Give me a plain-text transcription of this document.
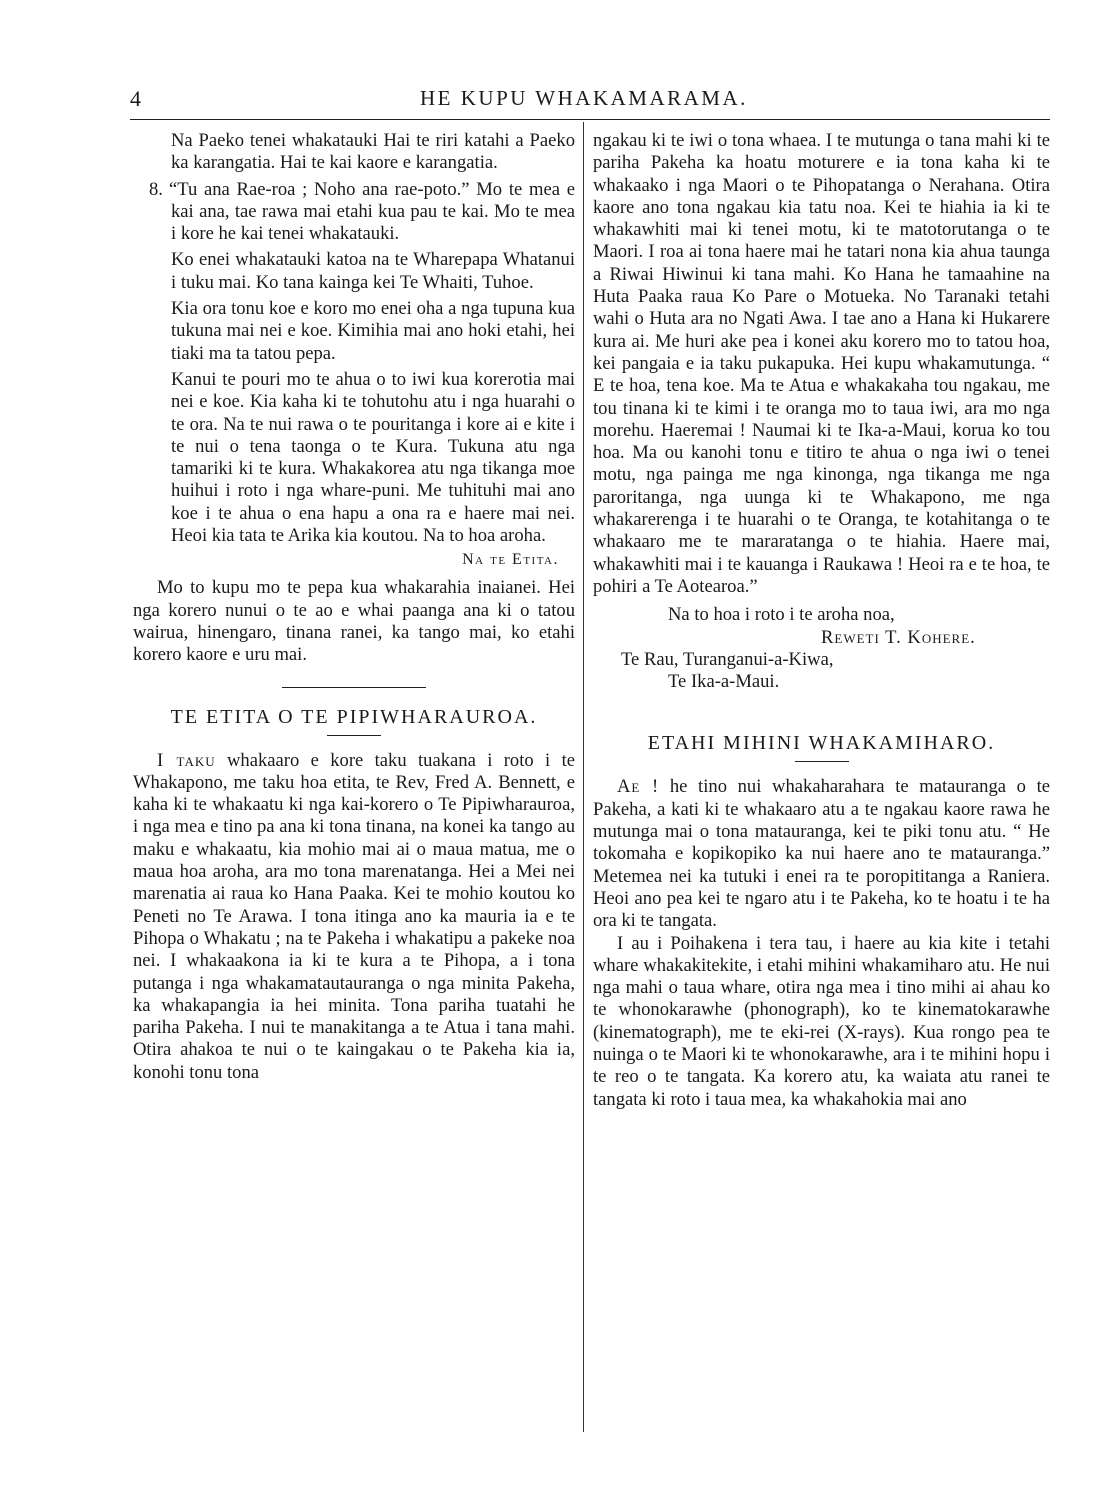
4	HE KUPU WHAKAMARAMA.

Na Paeko tenei whakatauki Hai te riri katahi a Paeko ka karangatia. Hai te kai kaore e karangatia.

8. “Tu ana Rae-roa ; Noho ana rae-poto.” Mo te mea e kai ana, tae rawa mai etahi kua pau te kai. Mo te mea i kore he kai tenei whakatauki.

Ko enei whakatauki katoa na te Wharepapa Whatanui i tuku mai. Ko tana kainga kei Te Whaiti, Tuhoe.

Kia ora tonu koe e koro mo enei oha a nga tupuna kua tukuna mai nei e koe. Kimihia mai ano hoki etahi, hei tiaki ma ta tatou pepa.

Kanui te pouri mo te ahua o to iwi kua korerotia mai nei e koe. Kia kaha ki te tohutohu atu i nga huarahi o te ora. Na te nui rawa o te pouritanga i kore ai e kite i te nui o tena taonga o te Kura. Tukuna atu nga tamariki ki te kura. Whakakorea atu nga tikanga moe huihui i roto i nga whare-puni. Me tuhituhi mai ano koe i te ahua o ena hapu a ona ra e haere mai nei. Heoi kia tata te Arika kia koutou. Na to hoa aroha.

Na te Etita.

Mo to kupu mo te pepa kua whakarahia inaianei. Hei nga korero nunui o te ao e whai paanga ana ki o tatou wairua, hinengaro, tinana ranei, ka tango mai, ko etahi korero kaore e uru mai.

TE ETITA O TE PIPIWHARAUROA.

I taku whakaaro e kore taku tuakana i roto i te Whakapono, me taku hoa etita, te Rev, Fred A. Bennett, e kaha ki te whakaatu ki nga kai-korero o Te Pipiwharauroa, i nga mea e tino pa ana ki tona tinana, na konei ka tango au maku e whakaatu, kia mohio mai ai o maua matua, me o maua hoa aroha, ara mo tona marenatanga. Hei a Mei nei marenatia ai raua ko Hana Paaka. Kei te mohio koutou ko Peneti no Te Arawa. I tona itinga ano ka mauria ia e te Pihopa o Whakatu ; na te Pakeha i whakatipu a pakeke noa nei. I whakaakona ia ki te kura a te Pihopa, a i tona putanga i nga whakamatautauranga o nga minita Pakeha, ka whakapangia ia hei minita. Tona pariha tuatahi he pariha Pakeha. I nui te manakitanga a te Atua i tana mahi. Otira ahakoa te nui o te kaingakau o te Pakeha kia ia, konohi tonu tona

ngakau ki te iwi o tona whaea. I te mutunga o tana mahi ki te pariha Pakeha ka hoatu moturere e ia tona kaha ki te whakaako i nga Maori o te Pihopatanga o Nerahana. Otira kaore ano tona ngakau kia tatu noa. Kei te hiahia ia ki te whakawhiti mai ki tenei motu, ki te matotorutanga o te Maori. I roa ai tona haere mai he tatari nona kia ahua taunga a Riwai Hiwinui ki tana mahi. Ko Hana he tamaahine na Huta Paaka raua Ko Pare o Motueka. No Taranaki tetahi wahi o Huta ara no Ngati Awa. I tae ano a Hana ki Hukarere kura ai. Me huri ake pea i konei aku korero mo to tatou hoa, kei pangaia e ia taku pukapuka. Hei kupu whakamutunga. “ E te hoa, tena koe. Ma te Atua e whakakaha tou ngakau, me tou tinana ki te kimi i te oranga mo to taua iwi, ara mo nga morehu. Haeremai ! Naumai ki te Ika-a-Maui, korua ko tou hoa. Ma ou kanohi tonu e titiro te ahua o nga iwi o tenei motu, nga painga me nga kinonga, nga tikanga me nga paroritanga, nga uunga ki te Whakapono, me nga whakarerenga i te huarahi o te Oranga, te kotahitanga o te whakaaro me te mararatanga o te hiahia. Haere mai, whakawhiti mai i te kauanga i Raukawa ! Heoi ra e te hoa, te pohiri a Te Aotearoa.”

Na to hoa i roto i te aroha noa,
Reweti T. Kohere.
Te Rau, Turanganui-a-Kiwa,
Te Ika-a-Maui.
ETAHI MIHINI WHAKAMIHARO.

Ae ! he tino nui whakaharahara te matauranga o te Pakeha, a kati ki te whakaaro atu a te ngakau kaore rawa he mutunga mai o tona matauranga, kei te piki tonu atu. “ He tokomaha e kopikopiko ka nui haere ano te matauranga.” Metemea nei ka tutuki i enei ra te poropititanga a Raniera. Heoi ano pea kei te ngaro atu i te Pakeha, ko te hoatu i te ha ora ki te tangata.

I au i Poihakena i tera tau, i haere au kia kite i tetahi whare whakakitekite, i etahi mihini whakamiharo atu. He nui nga mahi o taua whare, otira nga mea i tino mihi ai ahau ko te whonokarawhe (phonograph), ko te kinematokarawhe (kinematograph), me te eki-rei (X-rays). Kua rongo pea te nuinga o te Maori ki te whonokarawhe, ara i te mihini hopu i te reo o te tangata. Ka korero atu, ka waiata atu ranei te tangata ki roto i taua mea, ka whakahokia mai ano
